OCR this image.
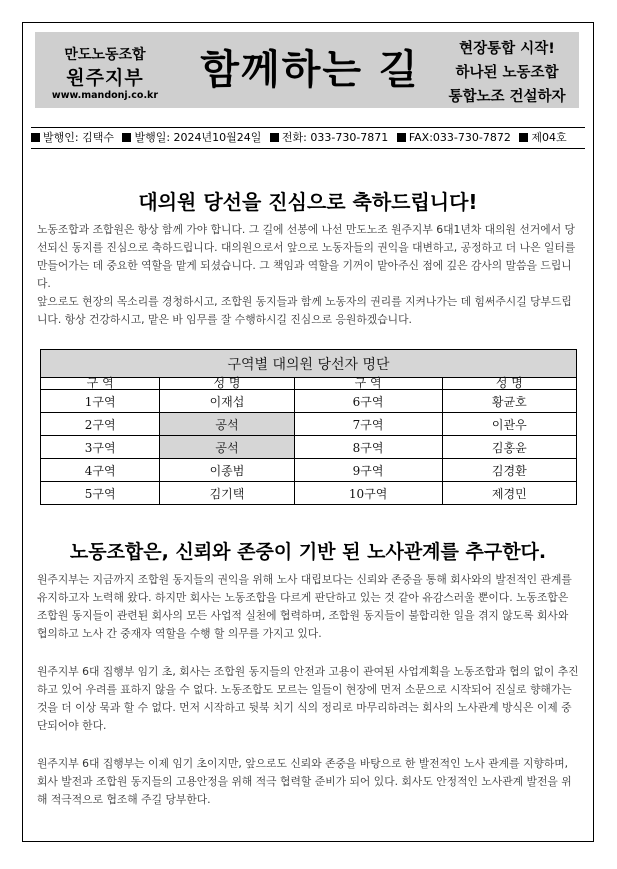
만도노동조합
원주지부
www.mandonj.co.kr
함께하는 길	현장통합 시작!
하나된 노동조합
통합노조 건설하자
발행인: 김택수 발행일: 2024년10월24일 전화: 033-730-7871 FAX:033-730-7872 제04호
대의원 당선을 진심으로 축하드립니다!

노동조합과 조합원은 항상 함께 가야 합니다. 그 길에 선봉에 나선 만도노조 원주지부 6대1년차 대의원 선거에서 당선되신 동지를 진심으로 축하드립니다. 대의원으로서 앞으로 노동자들의 권익을 대변하고, 공정하고 더 나은 일터를 만들어가는 데 중요한 역할을 맡게 되셨습니다. 그 책임과 역할을 기꺼이 맡아주신 점에 깊은 감사의 말씀을 드립니다.

앞으로도 현장의 목소리를 경청하시고, 조합원 동지들과 함께 노동자의 권리를 지켜나가는 데 힘써주시길 당부드립니다. 항상 건강하시고, 맡은 바 임무를 잘 수행하시길 진심으로 응원하겠습니다.

구역별 대의원 당선자 명단			
구 역	성 명	구 역	성 명
1구역	이재섭	6구역	황균호
2구역	공석	7구역	이관우
3구역	공석	8구역	김홍윤
4구역	이종범	9구역	김경환
5구역	김기택	10구역	제경민
노동조합은, 신뢰와 존중이 기반 된 노사관계를 추구한다.

원주지부는 지금까지 조합원 동지들의 권익을 위해 노사 대립보다는 신뢰와 존중을 통해 회사와의 발전적인 관계를 유지하고자 노력해 왔다. 하지만 회사는 노동조합을 다르게 판단하고 있는 것 같아 유감스러울 뿐이다. 노동조합은 조합원 동지들이 관련된 회사의 모든 사업적 실천에 협력하며, 조합원 동지들이 불합리한 일을 겪지 않도록 회사와 협의하고 노사 간 중재자 역할을 수행 할 의무를 가지고 있다.

원주지부 6대 집행부 임기 초, 회사는 조합원 동지들의 안전과 고용이 관여된 사업계획을 노동조합과 협의 없이 추진하고 있어 우려를 표하지 않을 수 없다. 노동조합도 모르는 일들이 현장에 먼저 소문으로 시작되어 진실로 향해가는 것을 더 이상 묵과 할 수 없다. 먼저 시작하고 뒷북 치기 식의 정리로 마무리하려는 회사의 노사관계 방식은 이제 중단되어야 한다.

원주지부 6대 집행부는 이제 임기 초이지만, 앞으로도 신뢰와 존중을 바탕으로 한 발전적인 노사 관계를 지향하며, 회사 발전과 조합원 동지들의 고용안정을 위해 적극 협력할 준비가 되어 있다. 회사도 안정적인 노사관계 발전을 위해 적극적으로 협조해 주길 당부한다.
